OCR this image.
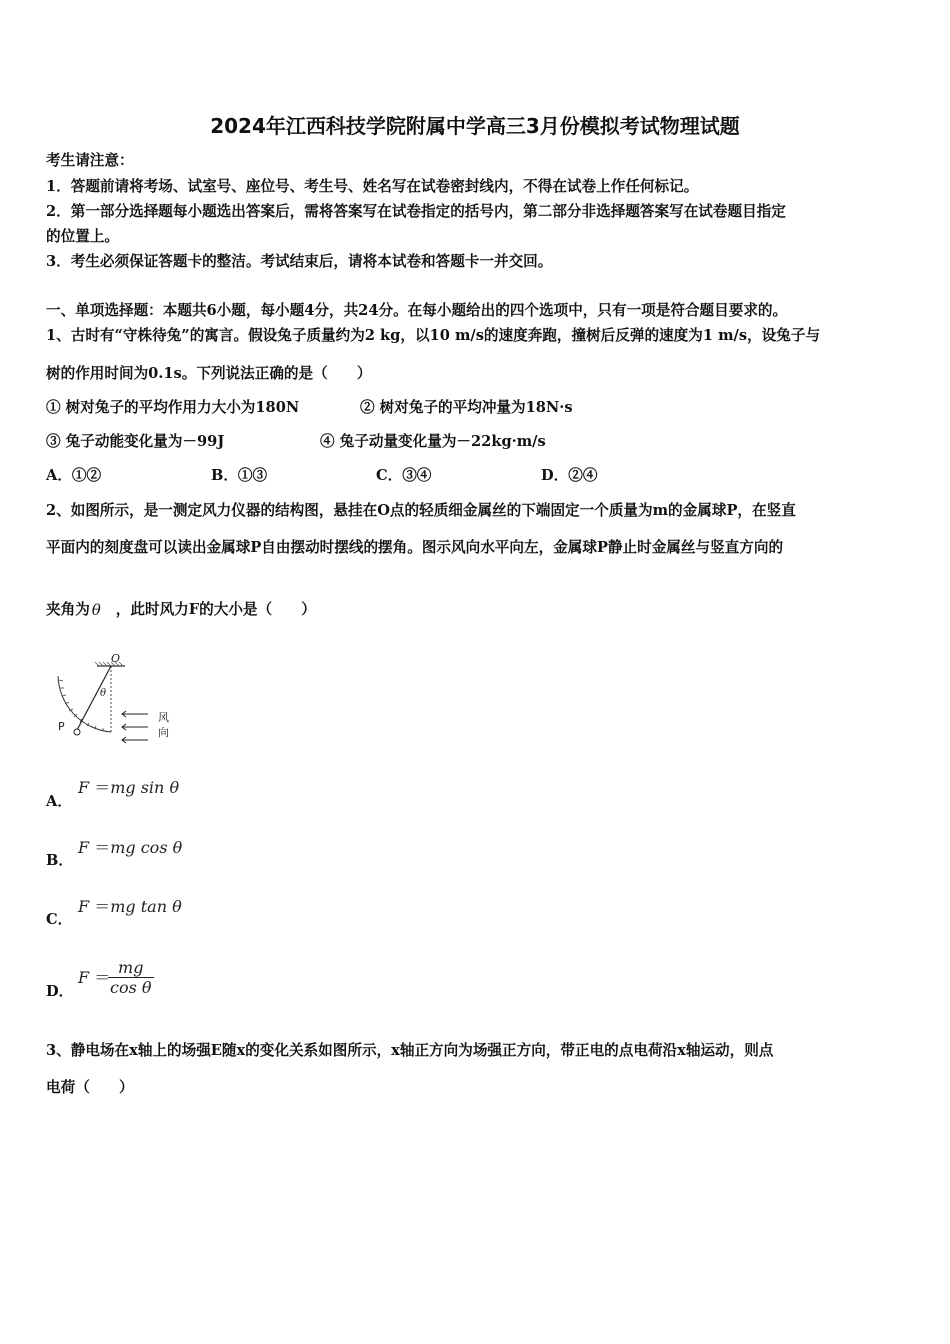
2024年江西科技学院附属中学高三3月份模拟考试物理试题
考生请注意：
1．答题前请将考场、试室号、座位号、考生号、姓名写在试卷密封线内，不得在试卷上作任何标记。
2．第一部分选择题每小题选出答案后，需将答案写在试卷指定的括号内，第二部分非选择题答案写在试卷题目指定
的位置上。
3．考生必须保证答题卡的整洁。考试结束后，请将本试卷和答题卡一并交回。
一、单项选择题：本题共6小题，每小题4分，共24分。在每小题给出的四个选项中，只有一项是符合题目要求的。
1、古时有“守株待兔”的寓言。假设兔子质量约为2 kg，以10 m/s的速度奔跑，撞树后反弹的速度为1 m/s，设兔子与
树的作用时间为0.1s。下列说法正确的是（　　）
① 树对兔子的平均作用力大小为180N	② 树对兔子的平均冲量为18N·s
③ 兔子动能变化量为－99J	④ 兔子动量变化量为－22kg·m/s
A．①②	B．①③	C．③④	D．②④
2、如图所示，是一测定风力仪器的结构图，悬挂在O点的轻质细金属丝的下端固定一个质量为m的金属球P，在竖直
平面内的刻度盘可以读出金属球P自由摆动时摆线的摆角。图示风向水平向左，金属球P静止时金属丝与竖直方向的
夹角为 θ ，此时风力F的大小是（　　）
O
θ
P
风
向
A．
F ＝mg sin θ
B．
F ＝mg cos θ
C．
F ＝mg tan θ
D．
F ＝
$\frac{mg}{\text{cos θ}}$
3、静电场在x轴上的场强E随x的变化关系如图所示，x轴正方向为场强正方向，带正电的点电荷沿x轴运动，则点
电荷（　　）
